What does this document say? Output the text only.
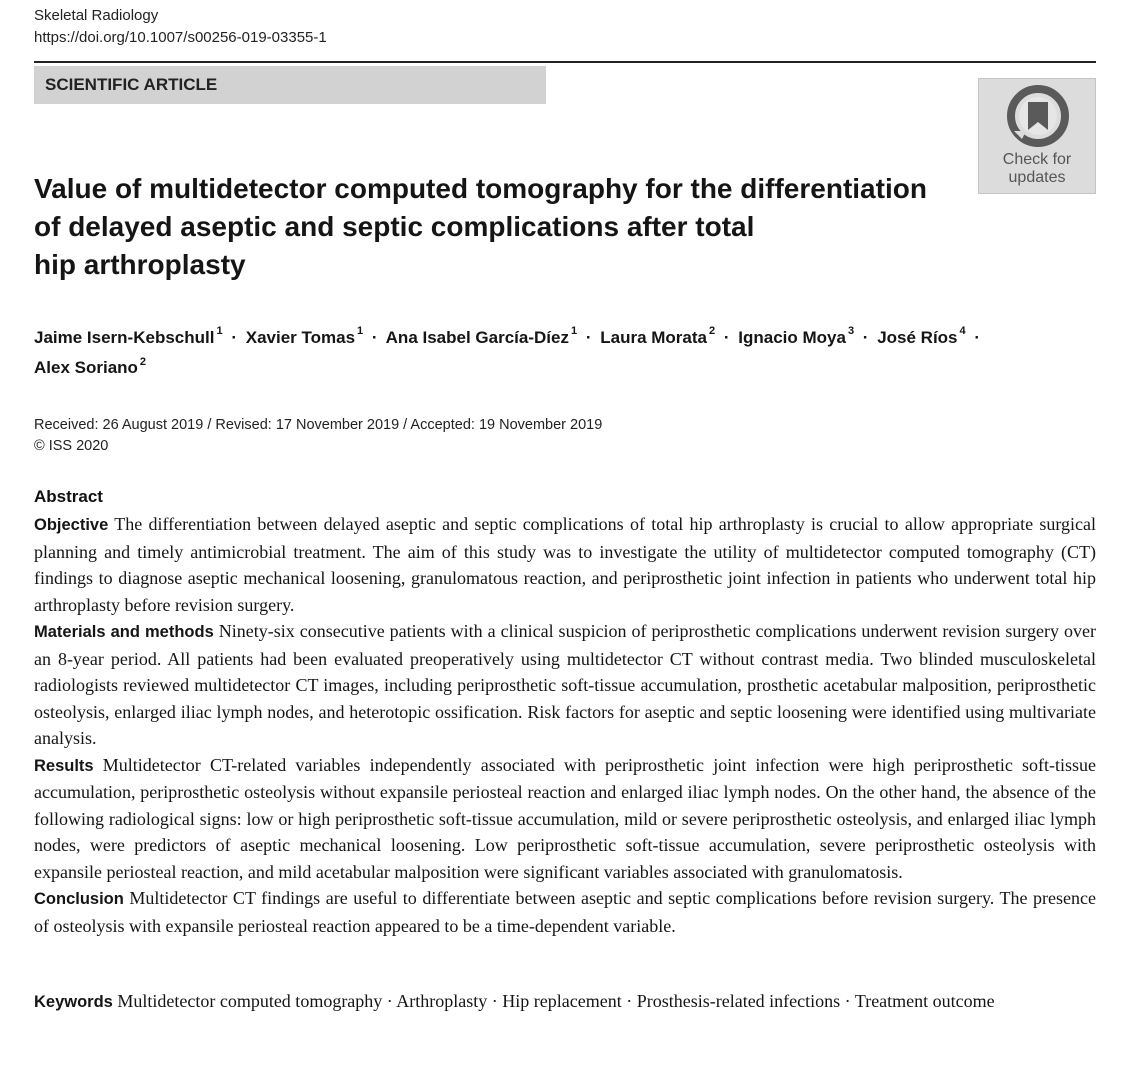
Skeletal Radiology
https://doi.org/10.1007/s00256-019-03355-1
SCIENTIFIC ARTICLE
Check for
updates
Value of multidetector computed tomography for the differentiation
of delayed aseptic and septic complications after total
hip arthroplasty
Jaime Isern-Kebschull $^1$ · Xavier Tomas $^1$ · Ana Isabel García-Díez $^1$ · Laura Morata $^2$ · Ignacio Moya $^3$ · José Ríos $^4$ ·
Alex Soriano $^2$
Received: 26 August 2019 / Revised: 17 November 2019 / Accepted: 19 November 2019
© ISS 2020
Abstract

Objective The differentiation between delayed aseptic and septic complications of total hip arthroplasty is crucial to allow appropriate surgical planning and timely antimicrobial treatment. The aim of this study was to investigate the utility of multidetector computed tomography (CT) findings to diagnose aseptic mechanical loosening, granulomatous reaction, and periprosthetic joint infection in patients who underwent total hip arthroplasty before revision surgery.

Materials and methods Ninety-six consecutive patients with a clinical suspicion of periprosthetic complications underwent revision surgery over an 8-year period. All patients had been evaluated preoperatively using multidetector CT without contrast media. Two blinded musculoskeletal radiologists reviewed multidetector CT images, including periprosthetic soft-tissue accumulation, prosthetic acetabular malposition, periprosthetic osteolysis, enlarged iliac lymph nodes, and heterotopic ossification. Risk factors for aseptic and septic loosening were identified using multivariate analysis.

Results Multidetector CT-related variables independently associated with periprosthetic joint infection were high periprosthetic soft-tissue accumulation, periprosthetic osteolysis without expansile periosteal reaction and enlarged iliac lymph nodes. On the other hand, the absence of the following radiological signs: low or high periprosthetic soft-tissue accumulation, mild or severe periprosthetic osteolysis, and enlarged iliac lymph nodes, were predictors of aseptic mechanical loosening. Low periprosthetic soft-tissue accumulation, severe periprosthetic osteolysis with expansile periosteal reaction, and mild acetabular malposition were significant variables associated with granulomatosis.

Conclusion Multidetector CT findings are useful to differentiate between aseptic and septic complications before revision surgery. The presence of osteolysis with expansile periosteal reaction appeared to be a time-dependent variable.

Keywords Multidetector computed tomography · Arthroplasty · Hip replacement · Prosthesis-related infections · Treatment outcome
